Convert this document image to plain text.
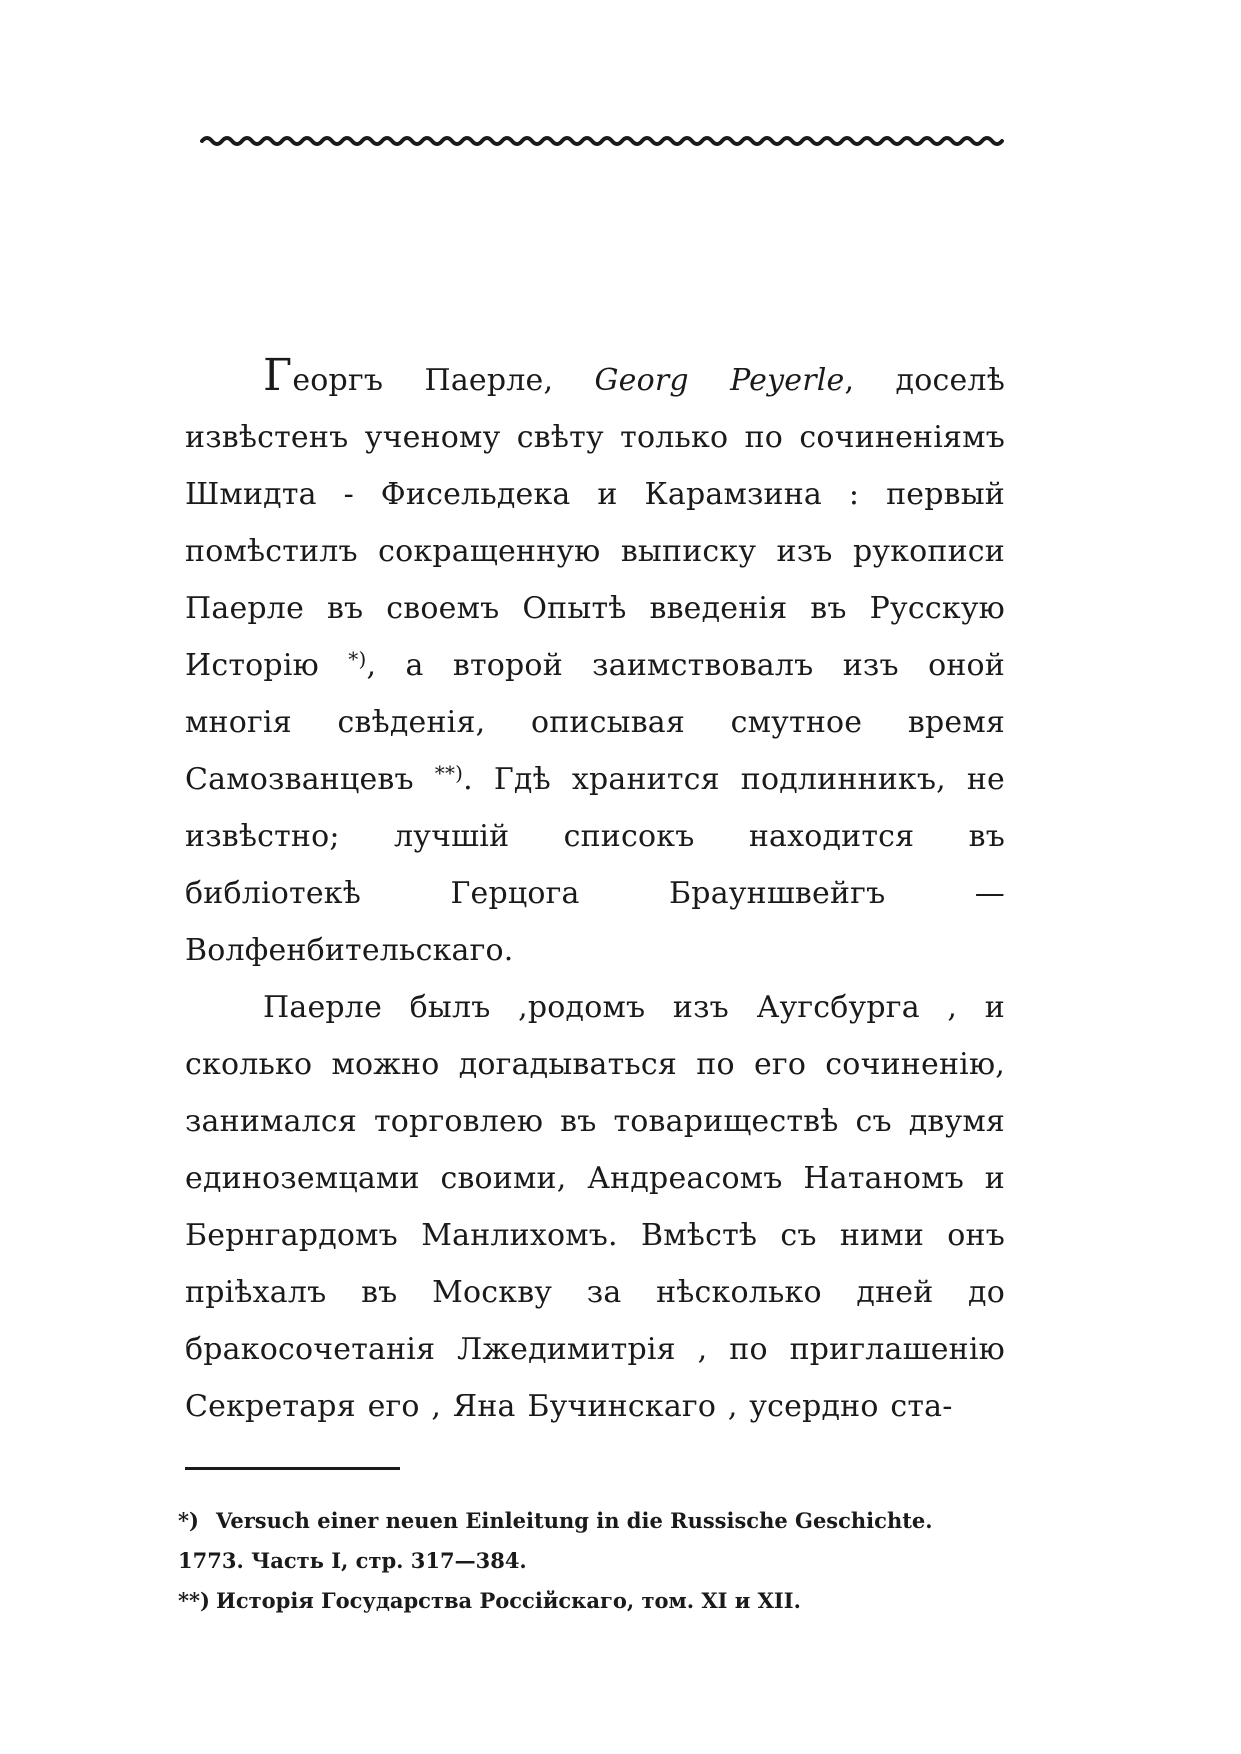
Георгъ Паерле, Georg Peyerle, доселѣ извѣстенъ ученому свѣту только по сочиненіямъ Шмидта - Фисельдека и Карамзина : первый помѣстилъ сокращенную выписку изъ рукописи Паерле въ своемъ Опытѣ введенія въ Русскую Исторію *), а второй заимствовалъ изъ оной многія свѣденія, описывая смутное время Самозванцевъ **). Гдѣ хранится подлинникъ, не извѣстно; лучшій списокъ находится въ библіотекѣ Герцога Брауншвейгъ — Волфенбительскаго.

Паерле былъ ,родомъ изъ Аугсбурга , и сколько можно догадываться по его сочиненію, занимался торговлею въ товариществѣ съ двумя единоземцами своими, Андреасомъ Натаномъ и Бернгардомъ Манлихомъ. Вмѣстѣ съ ними онъ пріѣхалъ въ Москву за нѣсколько дней до бракосочетанія Лжедимитрія , по приглашенію Секретаря его , Яна Бучинскаго , усердно ста-

*) Versuch einer neuen Einleitung in die Russische Geschichte.
1773. Часть I, стр. 317—384.

**) Исторія Государства Россійскаго, том. XI и XII.
